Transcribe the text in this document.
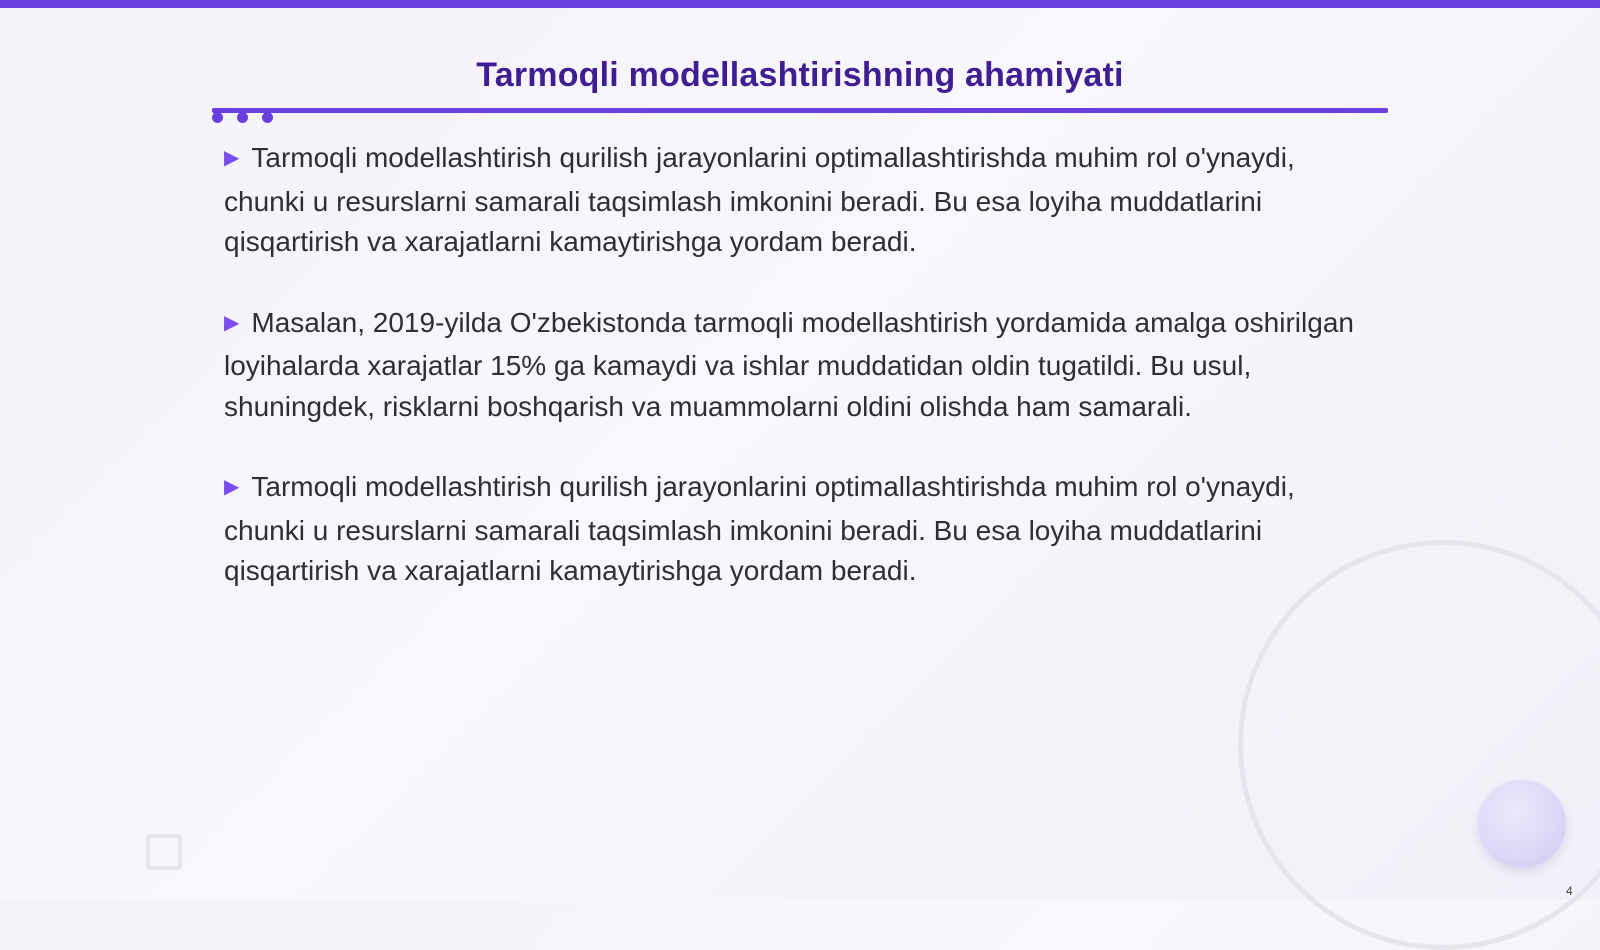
Tarmoqli modellashtirishning ahamiyati

▶ Tarmoqli modellashtirish qurilish jarayonlarini optimallashtirishda muhim rol o'ynaydi, chunki u resurslarni samarali taqsimlash imkonini beradi. Bu esa loyiha muddatlarini qisqartirish va xarajatlarni kamaytirishga yordam beradi.

▶ Masalan, 2019-yilda O'zbekistonda tarmoqli modellashtirish yordamida amalga oshirilgan loyihalarda xarajatlar 15% ga kamaydi va ishlar muddatidan oldin tugatildi. Bu usul, shuningdek, risklarni boshqarish va muammolarni oldini olishda ham samarali.

▶ Tarmoqli modellashtirish qurilish jarayonlarini optimallashtirishda muhim rol o'ynaydi, chunki u resurslarni samarali taqsimlash imkonini beradi. Bu esa loyiha muddatlarini qisqartirish va xarajatlarni kamaytirishga yordam beradi.

4
